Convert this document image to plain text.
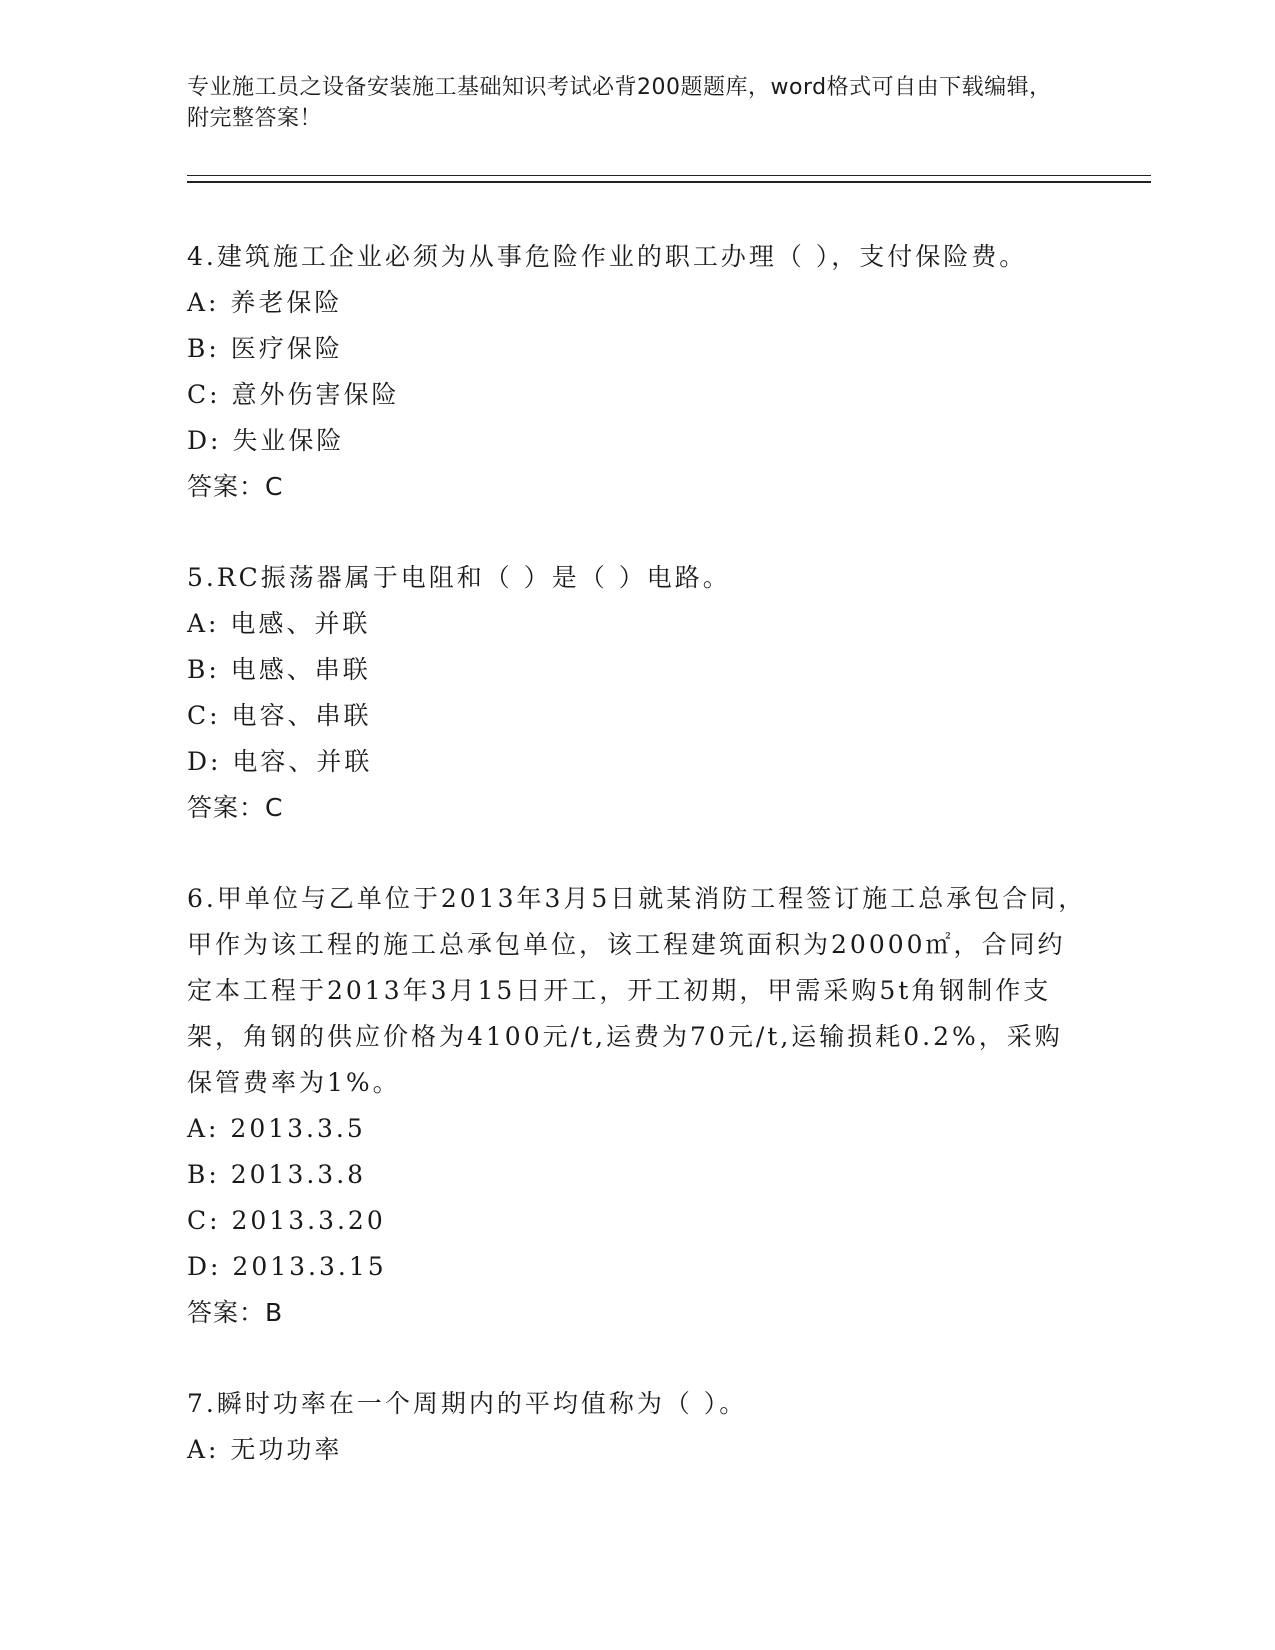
专业施工员之设备安装施工基础知识考试必背200题题库，word格式可自由下载编辑，附完整答案！
4.建筑施工企业必须为从事危险作业的职工办理（ ），支付保险费。
A: 养老保险
B: 医疗保险
C: 意外伤害保险
D: 失业保险
答案：C
5.RC振荡器属于电阻和（ ）是（ ）电路。
A: 电感、并联
B: 电感、串联
C: 电容、串联
D: 电容、并联
答案：C
6.甲单位与乙单位于2013年3月5日就某消防工程签订施工总承包合同，甲作为该工程的施工总承包单位，该工程建筑面积为20000㎡，合同约定本工程于2013年3月15日开工，开工初期，甲需采购5t角钢制作支架，角钢的供应价格为4100元/t,运费为70元/t,运输损耗0.2%，采购保管费率为1%。
A: 2013.3.5
B: 2013.3.8
C: 2013.3.20
D: 2013.3.15
答案：B
7.瞬时功率在一个周期内的平均值称为（ ）。
A: 无功功率
